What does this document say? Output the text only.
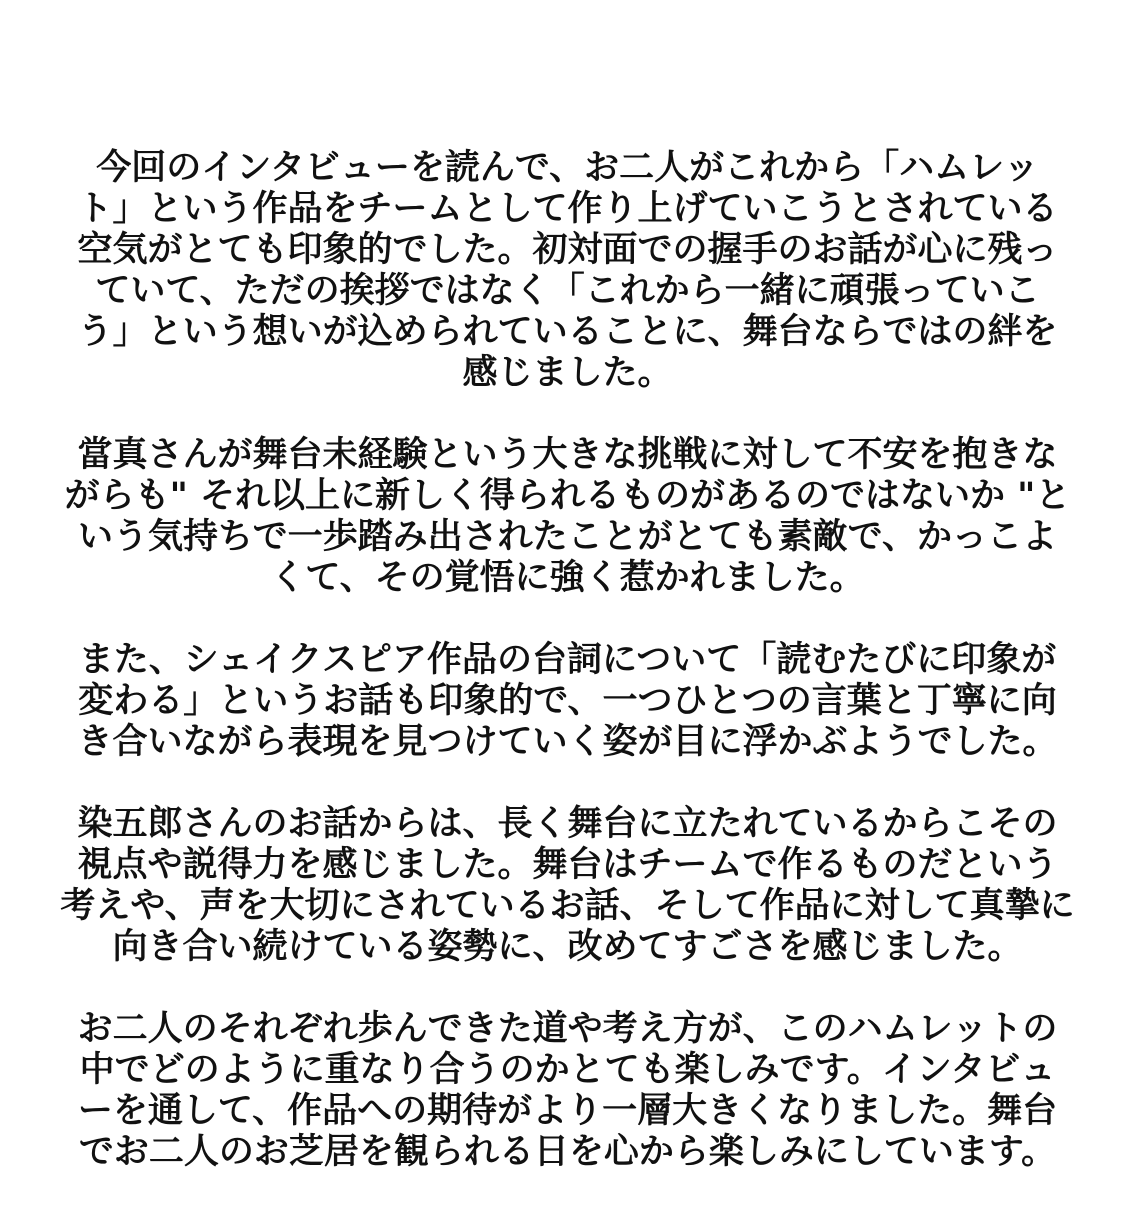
今回のインタビューを読んで、お二人がこれから「ハムレッ
ト」という作品をチームとして作り上げていこうとされている
空気がとても印象的でした。初対面での握手のお話が心に残っ
ていて、ただの挨拶ではなく「これから一緒に頑張っていこ
う」という想いが込められていることに、舞台ならではの絆を
感じました。

當真さんが舞台未経験という大きな挑戦に対して不安を抱きな
がらも" それ以上に新しく得られるものがあるのではないか "と
いう気持ちで一歩踏み出されたことがとても素敵で、かっこよ
くて、その覚悟に強く惹かれました。

また、シェイクスピア作品の台詞について「読むたびに印象が
変わる」というお話も印象的で、一つひとつの言葉と丁寧に向
き合いながら表現を見つけていく姿が目に浮かぶようでした。

染五郎さんのお話からは、長く舞台に立たれているからこその
視点や説得力を感じました。舞台はチームで作るものだという
考えや、声を大切にされているお話、そして作品に対して真摯に
向き合い続けている姿勢に、改めてすごさを感じました。

お二人のそれぞれ歩んできた道や考え方が、このハムレットの
中でどのように重なり合うのかとても楽しみです。インタビュ
ーを通して、作品への期待がより一層大きくなりました。舞台
でお二人のお芝居を観られる日を心から楽しみにしています。
